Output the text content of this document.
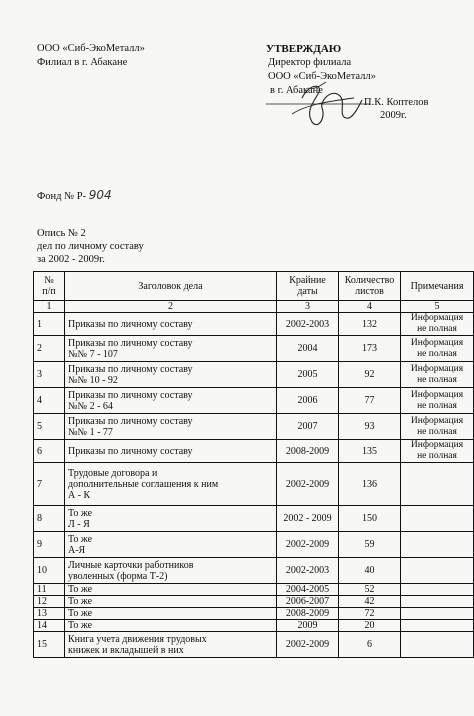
ООО «Сиб-ЭкоМеталл»
Филиал в г. Абакане
УТВЕРЖДАЮ
Директор филиала
ООО «Сиб-ЭкоМеталл»
в г. Абакане
П.К. Коптелов
2009г.
Фонд № Р- 904
Опись № 2
дел по личному составу
за 2002 - 2009г.
№
п/п	Заголовок дела	Крайние
даты	Количество
листов	Примечания
1	2	3	4	5
1	Приказы по личному составу	2002-2003	132	Информация
не полная
2	Приказы по личному составу
№№ 7 - 107	2004	173	Информация
не полная
3	Приказы по личному составу
№№ 10 - 92	2005	92	Информация
не полная
4	Приказы по личному составу
№№ 2 - 64	2006	77	Информация
не полная
5	Приказы по личному составу
№№ 1 - 77	2007	93	Информация
не полная
6	Приказы по личному составу	2008-2009	135	Информация
не полная
7	Трудовые договора и
дополнительные соглашения к ним
А - К	2002-2009	136	
8	То же
Л - Я	2002 - 2009	150	
9	То же
А-Я	2002-2009	59	
10	Личные карточки работников
уволенных (форма Т-2)	2002-2003	40	
11	То же	2004-2005	52	
12	То же	2006-2007	42	
13	То же	2008-2009	72	
14	То же	2009	20	
15	Книга учета движения трудовых
книжек и вкладышей в них	2002-2009	6	
